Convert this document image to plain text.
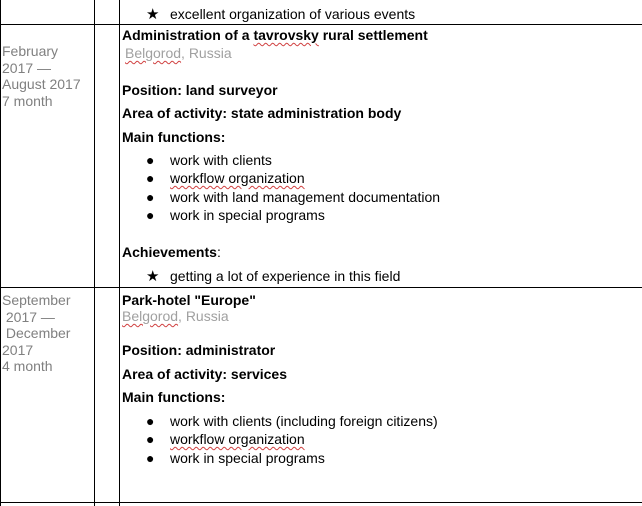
★ excellent organization of various events
February
2017 —
August 2017
7 month
Administration of a tavrovsky rural settlement
Belgorod, Russia
Position: land surveyor
Area of activity: state administration body
Main functions:
● work with clients
● workflow organization
● work with land management documentation
● work in special programs
Achievements:
★ getting a lot of experience in this field
September
2017 —
December
2017
4 month
Park-hotel "Europe"
Belgorod, Russia
Position: administrator
Area of activity: services
Main functions:
● work with clients (including foreign citizens)
● workflow organization
● work in special programs
